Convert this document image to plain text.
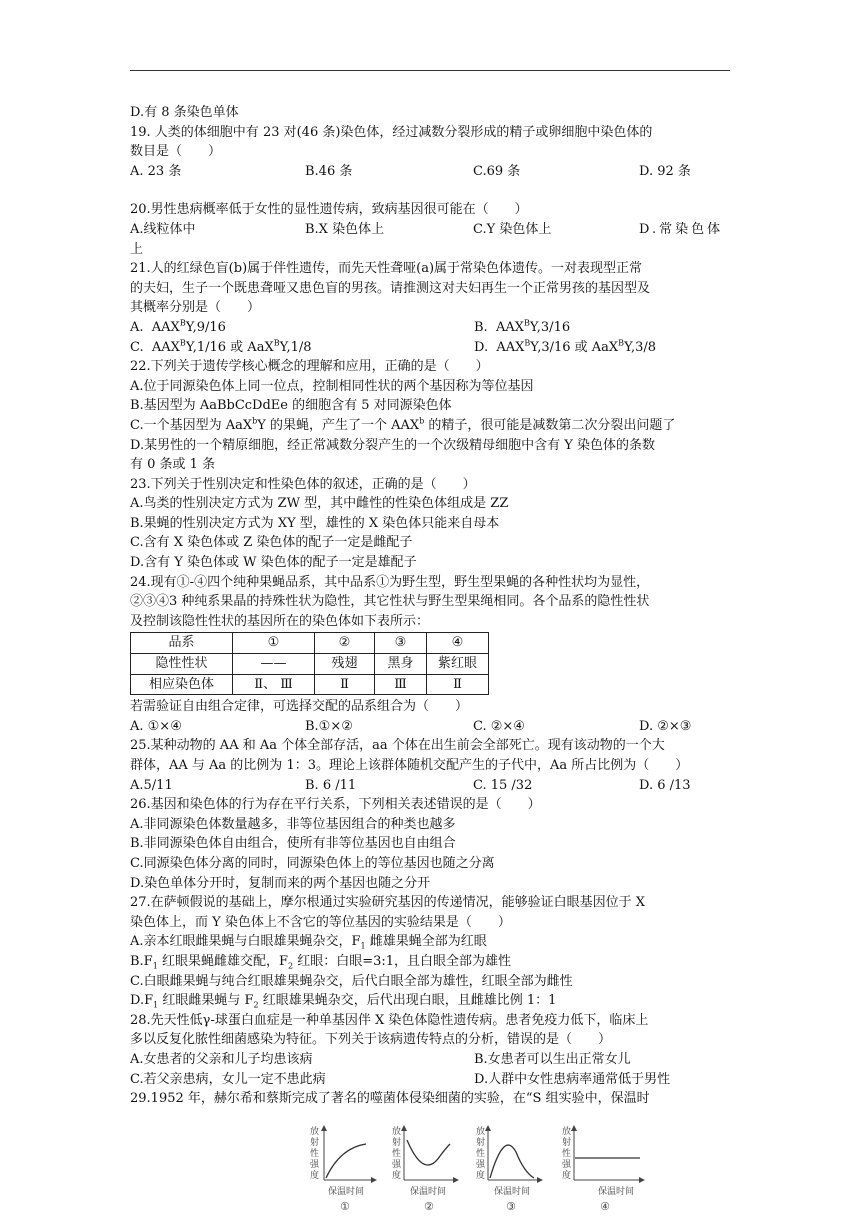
D.有 8 条染色单体
19. 人类的体细胞中有 23 对(46 条)染色体，经过减数分裂形成的精子或卵细胞中染色体的
数目是（　　）
A. 23 条	B.46 条	C.69 条	D. 92 条
20.男性患病概率低于女性的显性遗传病，致病基因很可能在（　　）
A.线粒体中	B.X 染色体上	C.Y 染色体上	D.常染色体
上
21.人的红绿色盲(b)属于伴性遗传，而先天性聋哑(a)属于常染色体遗传。一对表现型正常
的夫妇，生子一个既患聋哑又患色盲的男孩。请推测这对夫妇再生一个正常男孩的基因型及
其概率分别是（　　）
A.  $AAX^BY,9/16$	B.  $AAX^BY,3/16$
C.  $AAX^BY,1/16$ 或 AaX$^B$Y,1/8	D.  $AAX^BY,3/16$ 或 AaX$^B$Y,3/8
22.下列关于遗传学核心概念的理解和应用，正确的是（　　）
A.位于同源染色体上同一位点，控制相同性状的两个基因称为等位基因
B.基因型为 AaBbCcDdEe 的细胞含有 5 对同源染色体
C.一个基因型为 AaX$^b$Y 的果蝇，产生了一个 AAX$^b$ 的精子，很可能是减数第二次分裂出问题了
D.某男性的一个精原细胞，经正常减数分裂产生的一个次级精母细胞中含有 Y 染色体的条数
有 0 条或 1 条
23.下列关于性别决定和性染色体的叙述，正确的是（　　）
A.鸟类的性别决定方式为 ZW 型，其中雌性的性染色体组成是 ZZ
B.果蝇的性别决定方式为 XY 型，雄性的 X 染色体只能来自母本
C.含有 X 染色体或 Z 染色体的配子一定是雌配子
D.含有 Y 染色体或 W 染色体的配子一定是雄配子
24.现有①-④四个纯种果蝇品系，其中品系①为野生型，野生型果蝇的各种性状均为显性，
②③④3 种纯系果晶的持殊性状为隐性，其它性状与野生型果绳相同。各个品系的隐性性状
及控制该隐性性状的基因所在的染色体如下表所示：
品系	①	②	③	④
隐性性状	——	残翅	黑身	紫红眼
相应染色体	Ⅱ、 Ⅲ	Ⅱ	Ⅲ	Ⅱ
若需验证自由组合定律，可选择交配的品系组合为（　　）
A. ①×④	B.①×②	C. ②×④	D. ②×③
25.某种动物的 AA 和 Aa 个体全部存活，aa 个体在出生前会全部死亡。现有该动物的一个大
群体，AA 与 Aa 的比例为 1：3。理论上该群体随机交配产生的子代中，Aa 所占比例为（　　）
A.5/11	B. 6 /11	C. 15 /32	D. 6 /13
26.基因和染色体的行为存在平行关系，下列相关表述错误的是（　　）
A.非同源染色体数量越多，非等位基因组合的种类也越多
B.非同源染色体自由组合，使所有非等位基因也自由组合
C.同源染色体分离的同时，同源染色体上的等位基因也随之分离
D.染色单体分开时，复制而来的两个基因也随之分开
27.在萨顿假说的基础上，摩尔根通过实验研究基因的传递情况，能够验证白眼基因位于 X
染色体上，而 Y 染色体上不含它的等位基因的实验结果是（　　）
A.亲本红眼雌果蝇与白眼雄果蝇杂交，$F_1$ 雌雄果蝇全部为红眼
$B.F_1$ 红眼果蝇雌雄交配，$F_2$ 红眼：白眼=3:1，且白眼全部为雄性
C.白眼雌果蝇与纯合红眼雄果蝇杂交，后代白眼全部为雄性，红眼全部为雌性
$D.F_1$ 红眼雌果蝇与 $F_2$ 红眼雄果蝇杂交，后代出现白眼，且雌雄比例 1：1
28.先天性低γ-球蛋白血症是一种单基因伴 X 染色体隐性遗传病。患者免疫力低下，临床上
多以反复化脓性细菌感染为特征。下列关于该病遗传特点的分析，错误的是（　　）
A.女患者的父亲和儿子均患该病	B.女患者可以生出正常女儿
C.若父亲患病，女儿一定不患此病	D.人群中女性患病率通常低于男性
29.1952 年，赫尔希和蔡斯完成了著名的噬菌体侵染细菌的实验，在“S 组实验中，保温时
放
射
性
强
度
保温时间
①
放
射
性
强
度
保温时间
②
放
射
性
强
度
保温时间
③
放
射
性
强
度
保温时间
④
